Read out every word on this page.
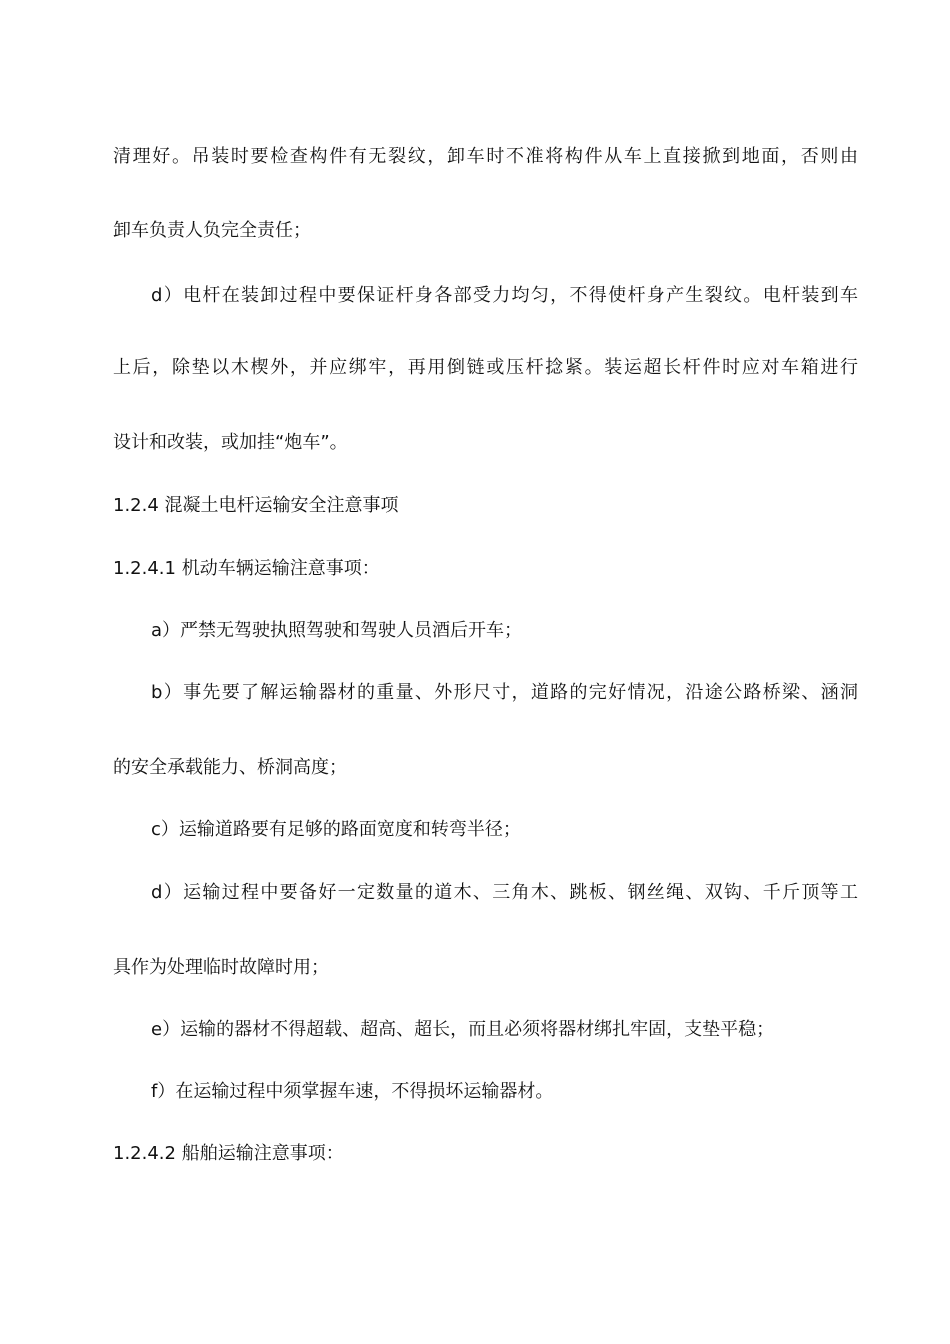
清理好。吊装时要检查构件有无裂纹，卸车时不准将构件从车上直接掀到地面，否则由

卸车负责人负完全责任；

d）电杆在装卸过程中要保证杆身各部受力均匀，不得使杆身产生裂纹。电杆装到车

上后，除垫以木楔外，并应绑牢，再用倒链或压杆捻紧。装运超长杆件时应对车箱进行

设计和改装，或加挂“炮车”。

1.2.4 混凝土电杆运输安全注意事项

1.2.4.1 机动车辆运输注意事项：

a）严禁无驾驶执照驾驶和驾驶人员酒后开车；

b）事先要了解运输器材的重量、外形尺寸，道路的完好情况，沿途公路桥梁、涵洞

的安全承载能力、桥洞高度；

c）运输道路要有足够的路面宽度和转弯半径；

d）运输过程中要备好一定数量的道木、三角木、跳板、钢丝绳、双钩、千斤顶等工

具作为处理临时故障时用；

e）运输的器材不得超载、超高、超长，而且必须将器材绑扎牢固，支垫平稳；

f）在运输过程中须掌握车速，不得损坏运输器材。

1.2.4.2 船舶运输注意事项：
